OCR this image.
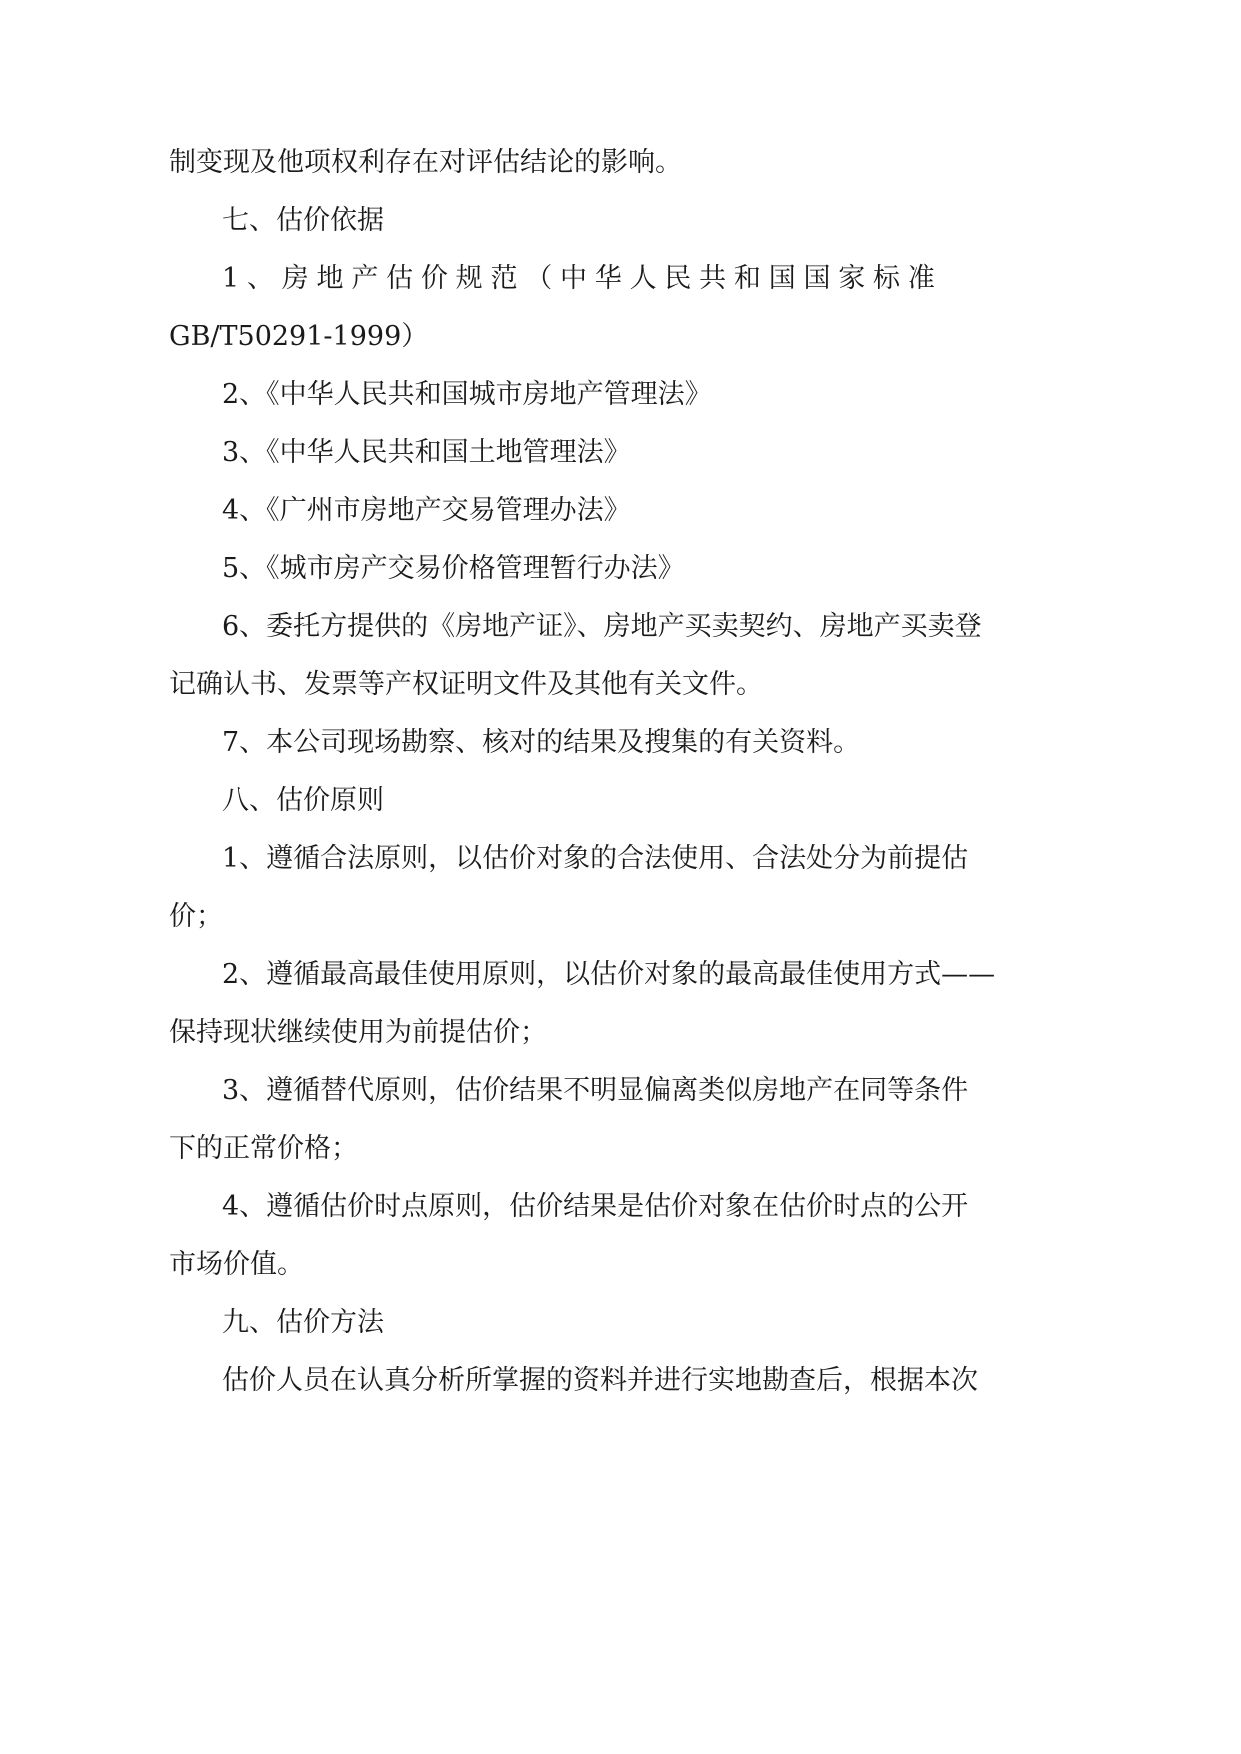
制变现及他项权利存在对评估结论的影响。
七、估价依据
1 、 房 地 产 估 价 规 范 （ 中 华 人 民 共 和 国 国 家 标 准
GB/T50291-1999）
2、《中华人民共和国城市房地产管理法》
3、《中华人民共和国土地管理法》
4、《广州市房地产交易管理办法》
5、《城市房产交易价格管理暂行办法》
6、委托方提供的《房地产证》、房地产买卖契约、房地产买卖登
记确认书、发票等产权证明文件及其他有关文件。
7、本公司现场勘察、核对的结果及搜集的有关资料。
八、估价原则
1、遵循合法原则，以估价对象的合法使用、合法处分为前提估
价；
2、遵循最高最佳使用原则，以估价对象的最高最佳使用方式——
保持现状继续使用为前提估价；
3、遵循替代原则，估价结果不明显偏离类似房地产在同等条件
下的正常价格；
4、遵循估价时点原则，估价结果是估价对象在估价时点的公开
市场价值。
九、估价方法
估价人员在认真分析所掌握的资料并进行实地勘查后，根据本次
